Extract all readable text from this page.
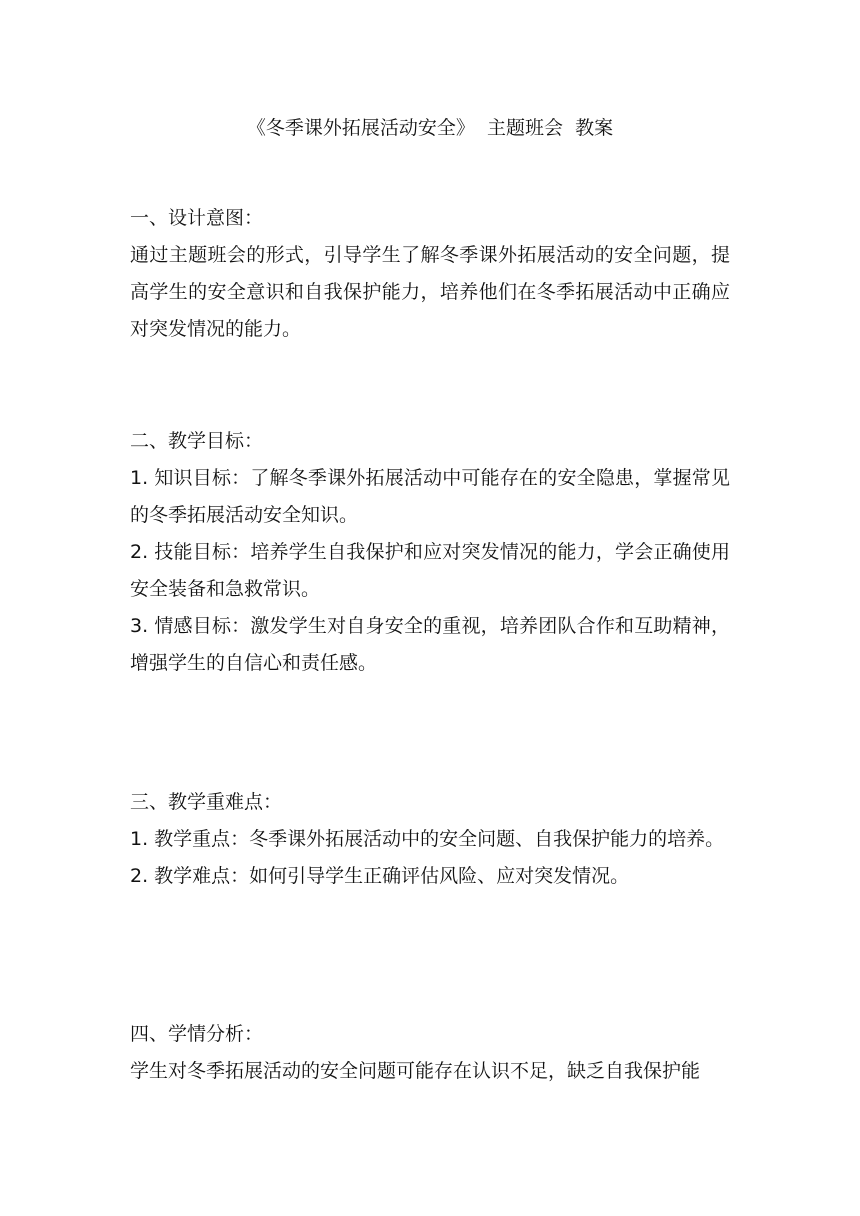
《冬季课外拓展活动安全》  主题班会  教案
一、设计意图：
通过主题班会的形式，引导学生了解冬季课外拓展活动的安全问题，提高学生的安全意识和自我保护能力，培养他们在冬季拓展活动中正确应对突发情况的能力。
二、教学目标：
1. 知识目标：了解冬季课外拓展活动中可能存在的安全隐患，掌握常见的冬季拓展活动安全知识。
2. 技能目标：培养学生自我保护和应对突发情况的能力，学会正确使用安全装备和急救常识。
3. 情感目标：激发学生对自身安全的重视，培养团队合作和互助精神，增强学生的自信心和责任感。
三、教学重难点：
1. 教学重点：冬季课外拓展活动中的安全问题、自我保护能力的培养。
2. 教学难点：如何引导学生正确评估风险、应对突发情况。
四、学情分析：
学生对冬季拓展活动的安全问题可能存在认识不足，缺乏自我保护能
